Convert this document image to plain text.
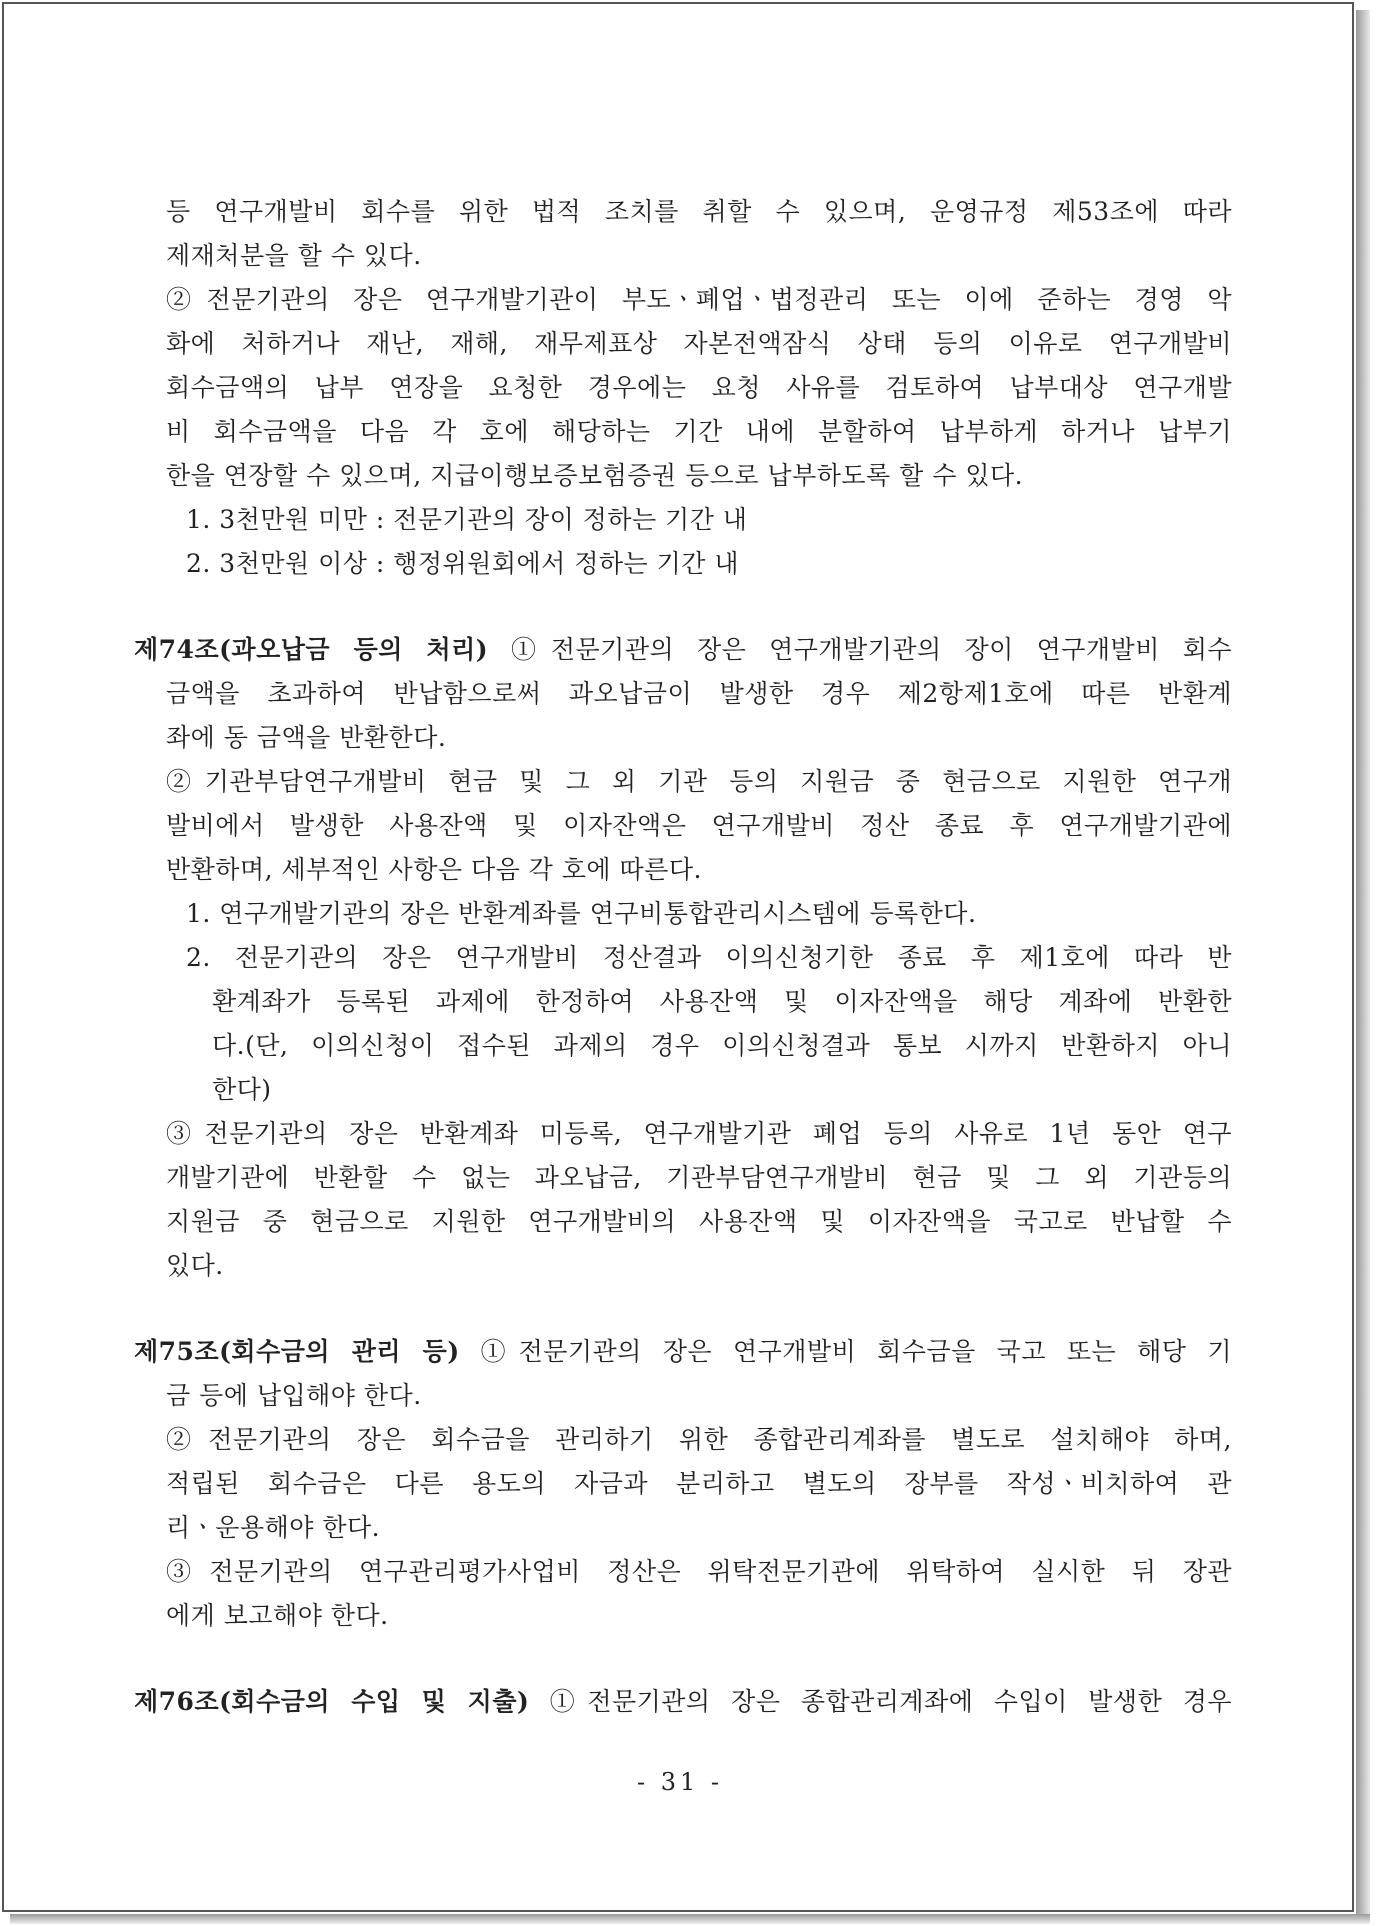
등 연구개발비 회수를 위한 법적 조치를 취할 수 있으며, 운영규정 제53조에 따라
제재처분을 할 수 있다.
②전문기관의 장은 연구개발기관이 부도ㆍ폐업ㆍ법정관리 또는 이에 준하는 경영 악
화에 처하거나 재난, 재해, 재무제표상 자본전액잠식 상태 등의 이유로 연구개발비
회수금액의 납부 연장을 요청한 경우에는 요청 사유를 검토하여 납부대상 연구개발
비 회수금액을 다음 각 호에 해당하는 기간 내에 분할하여 납부하게 하거나 납부기
한을 연장할 수 있으며, 지급이행보증보험증권 등으로 납부하도록 할 수 있다.
1. 3천만원 미만 : 전문기관의 장이 정하는 기간 내
2. 3천만원 이상 : 행정위원회에서 정하는 기간 내
제74조(과오납금 등의 처리) ①전문기관의 장은 연구개발기관의 장이 연구개발비 회수
금액을 초과하여 반납함으로써 과오납금이 발생한 경우 제2항제1호에 따른 반환계
좌에 동 금액을 반환한다.
②기관부담연구개발비 현금 및 그 외 기관 등의 지원금 중 현금으로 지원한 연구개
발비에서 발생한 사용잔액 및 이자잔액은 연구개발비 정산 종료 후 연구개발기관에
반환하며, 세부적인 사항은 다음 각 호에 따른다.
1. 연구개발기관의 장은 반환계좌를 연구비통합관리시스템에 등록한다.
2. 전문기관의 장은 연구개발비 정산결과 이의신청기한 종료 후 제1호에 따라 반
환계좌가 등록된 과제에 한정하여 사용잔액 및 이자잔액을 해당 계좌에 반환한
다.(단, 이의신청이 접수된 과제의 경우 이의신청결과 통보 시까지 반환하지 아니
한다)
③전문기관의 장은 반환계좌 미등록, 연구개발기관 폐업 등의 사유로 1년 동안 연구
개발기관에 반환할 수 없는 과오납금, 기관부담연구개발비 현금 및 그 외 기관등의
지원금 중 현금으로 지원한 연구개발비의 사용잔액 및 이자잔액을 국고로 반납할 수
있다.
제75조(회수금의 관리 등) ①전문기관의 장은 연구개발비 회수금을 국고 또는 해당 기
금 등에 납입해야 한다.
②전문기관의 장은 회수금을 관리하기 위한 종합관리계좌를 별도로 설치해야 하며,
적립된 회수금은 다른 용도의 자금과 분리하고 별도의 장부를 작성ㆍ비치하여 관
리ㆍ운용해야 한다.
③전문기관의 연구관리평가사업비 정산은 위탁전문기관에 위탁하여 실시한 뒤 장관
에게 보고해야 한다.
제76조(회수금의 수입 및 지출) ①전문기관의 장은 종합관리계좌에 수입이 발생한 경우
- 31 -
